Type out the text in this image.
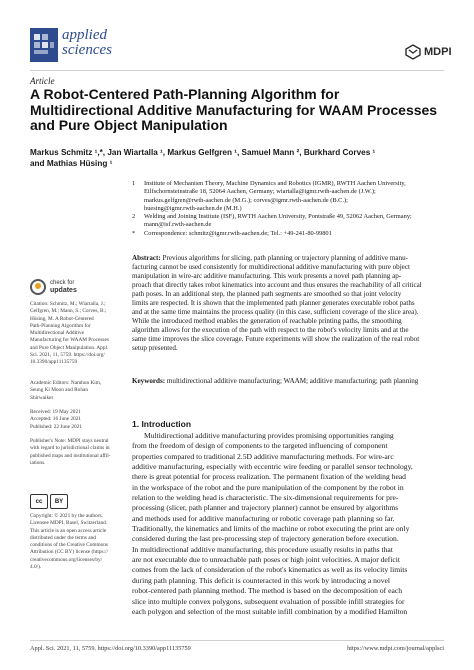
applied
sciences	MDPI
Article
A Robot-Centered Path-Planning Algorithm for
Multidirectional Additive Manufacturing for WAAM Processes
and Pure Object Manipulation
Markus Schmitz ¹,*, Jan Wiartalla ¹, Markus Gelfgren ¹, Samuel Mann ², Burkhard Corves ¹
and Mathias Hüsing ¹
1	Institute of Mechanism Theory, Machine Dynamics and Robotics (IGMR), RWTH Aachen University,
Eilfschornsteinstraße 18, 52064 Aachen, Germany; wiartalla@igmr.rwth-aachen.de (J.W.);
markus.gelfgren@rwth-aachen.de (M.G.); corves@igmr.rwth-aachen.de (B.C.);
huesing@igmr.rwth-aachen.de (M.H.)
2	Welding and Joining Institute (ISF), RWTH Aachen University, Pontstraße 49, 52062 Aachen, Germany;
mann@isf.rwth-aachen.de
*	Correspondence: schmitz@igmr.rwth-aachen.de; Tel.: +49-241-80-99801
Abstract: Previous algorithms for slicing, path planning or trajectory planning of additive manu-
facturing cannot be used consistently for multidirectional additive manufacturing with pure object
manipulation in wire-arc additive manufacturing. This work presents a novel path planning ap-
proach that directly takes robot kinematics into account and thus ensures the reachability of all critical
path poses. In an additional step, the planned path segments are smoothed so that joint velocity
limits are respected. It is shown that the implemented path planner generates executable robot paths
and at the same time maintains the process quality (in this case, sufficient coverage of the slice area).
While the introduced method enables the generation of reachable printing paths, the smoothing
algorithm allows for the execution of the path with respect to the robot's velocity limits and at the
same time improves the slice coverage. Future experiments will show the realization of the real robot
setup presented.
Keywords: multidirectional additive manufacturing; WAAM; additive manufacturing; path planning
1. Introduction
Multidirectional additive manufacturing provides promising opportunities ranging
from the freedom of design of components to the targeted influencing of component
properties compared to traditional 2.5D additive manufacturing methods. For wire-arc
additive manufacturing, especially with eccentric wire feeding or parallel sensor technology,
there is great potential for process realization. The permanent fixation of the welding head
in the workspace of the robot and the pure manipulation of the component by the robot in
relation to the welding head is characteristic. The six-dimensional requirements for pre-
processing (slicer, path planner and trajectory planner) cannot be ensured by algorithms
and methods used for additive manufacturing or robotic coverage path planning so far.
Traditionally, the kinematics and limits of the machine or robot executing the print are only
considered during the last pre-processing step of trajectory generation before execution.
In multidirectional additive manufacturing, this procedure usually results in paths that
are not executable due to unreachable path poses or high joint velocities. A major deficit
comes from the lack of consideration of the robot's kinematics as well as its velocity limits
during path planning. This deficit is counteracted in this work by introducing a novel
robot-centered path planning method. The method is based on the decomposition of each
slice into multiple convex polygons, subsequent evaluation of possible infill strategies for
each polygon and selection of the most suitable infill combination by a modified Hamilton
check for
updates
Citation: Schmitz, M.; Wiartalla, J.;
Gelfgren, M.; Mann, S.; Corves, B.;
Hüsing, M. A Robot-Centered
Path-Planning Algorithm for
Multidirectional Additive
Manufacturing for WAAM Processes
and Pure Object Manipulation. Appl.
Sci. 2021, 11, 5759. https://doi.org/
10.3390/app11135759
Academic Editors: Namhun Kim,
Seung Ki Moon and Rohan
Shirwaiker
Received: 19 May 2021
Accepted: 16 June 2021
Published: 22 June 2021
Publisher's Note: MDPI stays neutral
with regard to jurisdictional claims in
published maps and institutional affil-
iations.
cc	BY
Copyright: © 2021 by the authors.
Licensee MDPI, Basel, Switzerland.
This article is an open access article
distributed under the terms and
conditions of the Creative Commons
Attribution (CC BY) license (https://
creativecommons.org/licenses/by/
4.0/).
Appl. Sci. 2021, 11, 5759. https://doi.org/10.3390/app11135759	https://www.mdpi.com/journal/applsci
